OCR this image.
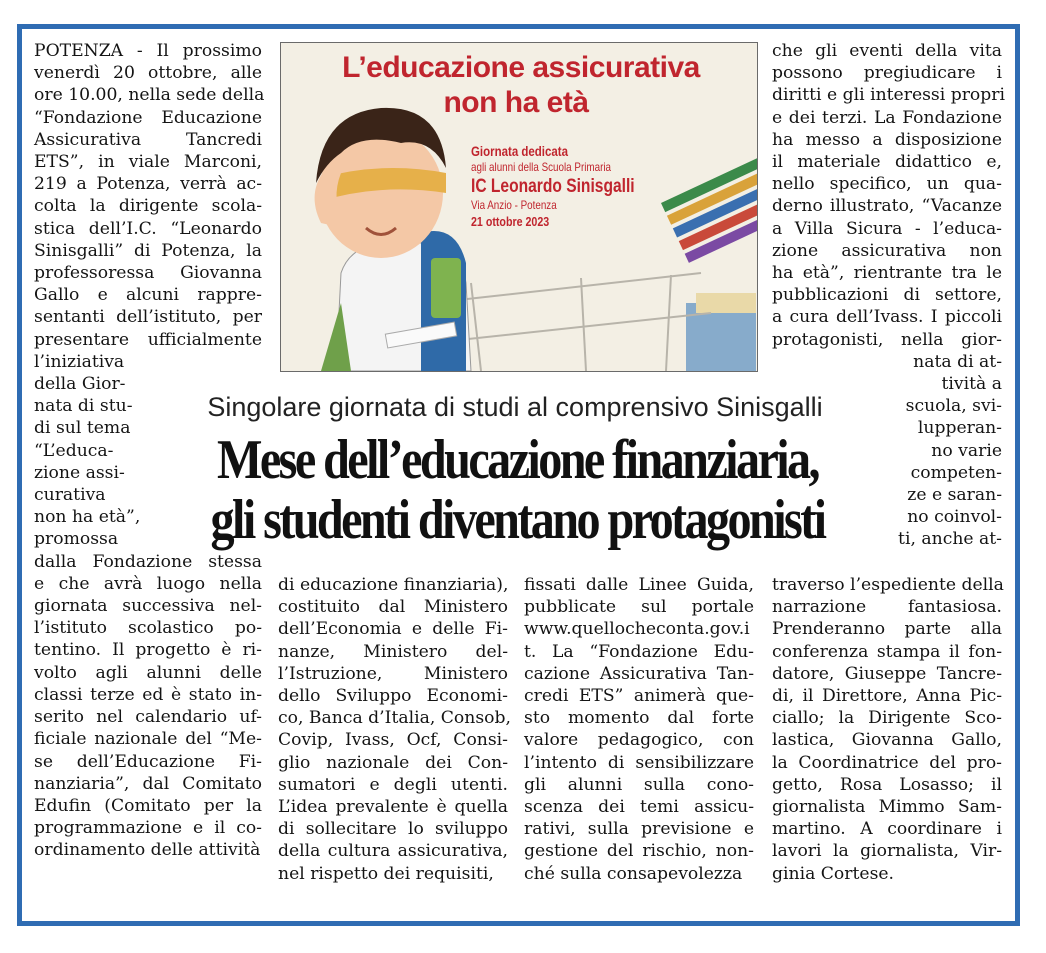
POTENZA - Il prossimo
venerdì 20 ottobre, alle
ore 10.00, nella sede della
“Fondazione Educazione
Assicurativa Tancredi
ETS”, in viale Marconi,
219 a Potenza, verrà ac-
colta la dirigente scola-
stica dell’I.C. “Leonardo
Sinisgalli” di Potenza, la
professoressa Giovanna
Gallo e alcuni rappre-
sentanti dell’istituto, per
presentare ufficialmente
l’iniziativa
della Gior-
nata di stu-
di sul tema
“L’educa-
zione assi-
curativa
non ha età”,
promossa
dalla Fondazione stessa
e che avrà luogo nella
giornata successiva nel-
l’istituto scolastico po-
tentino. Il progetto è ri-
volto agli alunni delle
classi terze ed è stato in-
serito nel calendario uf-
ficiale nazionale del “Me-
se dell’Educazione Fi-
nanziaria”, dal Comitato
Edufin (Comitato per la
programmazione e il co-
ordinamento delle attività
di educazione finanziaria),
costituito dal Ministero
dell’Economia e delle Fi-
nanze, Ministero del-
l’Istruzione, Ministero
dello Sviluppo Economi-
co, Banca d’Italia, Consob,
Covip, Ivass, Ocf, Consi-
glio nazionale dei Con-
sumatori e degli utenti.
L’idea prevalente è quella
di sollecitare lo sviluppo
della cultura assicurativa,
nel rispetto dei requisiti,
fissati dalle Linee Guida,
pubblicate sul portale
www.quellocheconta.gov.i
t. La “Fondazione Edu-
cazione Assicurativa Tan-
credi ETS” animerà que-
sto momento dal forte
valore pedagogico, con
l’intento di sensibilizzare
gli alunni sulla cono-
scenza dei temi assicu-
rativi, sulla previsione e
gestione del rischio, non-
ché sulla consapevolezza
che gli eventi della vita
possono pregiudicare i
diritti e gli interessi propri
e dei terzi. La Fondazione
ha messo a disposizione
il materiale didattico e,
nello specifico, un qua-
derno illustrato, “Vacanze
a Villa Sicura - l’educa-
zione assicurativa non
ha età”, rientrante tra le
pubblicazioni di settore,
a cura dell’Ivass. I piccoli
protagonisti, nella gior-
nata di at-
tività a
scuola, svi-
lupperan-
no varie
competen-
ze e saran-
no coinvol-
ti, anche at-
traverso l’espediente della
narrazione fantasiosa.
Prenderanno parte alla
conferenza stampa il fon-
datore, Giuseppe Tancre-
di, il Direttore, Anna Pic-
ciallo; la Dirigente Sco-
lastica, Giovanna Gallo,
la Coordinatrice del pro-
getto, Rosa Losasso; il
giornalista Mimmo Sam-
martino. A coordinare i
lavori la giornalista, Vir-
ginia Cortese.
L’educazione assicurativa
non ha età
Giornata dedicata
agli alunni della Scuola Primaria
IC Leonardo Sinisgalli
Via Anzio - Potenza
21 ottobre 2023
Singolare giornata di studi al comprensivo Sinisgalli
Mese dell’educazione finanziaria,
gli studenti diventano protagonisti
